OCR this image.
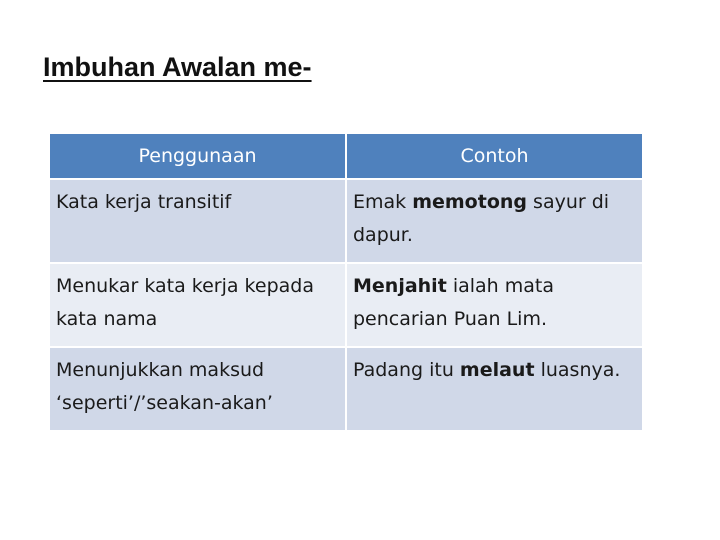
Imbuhan Awalan me-
Penggunaan	Contoh

Kata kerja transitif	Emak memotong sayur di dapur.

Menukar kata kerja kepada kata nama	Menjahit ialah mata pencarian Puan Lim.

Menunjukkan maksud ‘seperti’/’seakan-akan’	Padang itu melaut luasnya.
